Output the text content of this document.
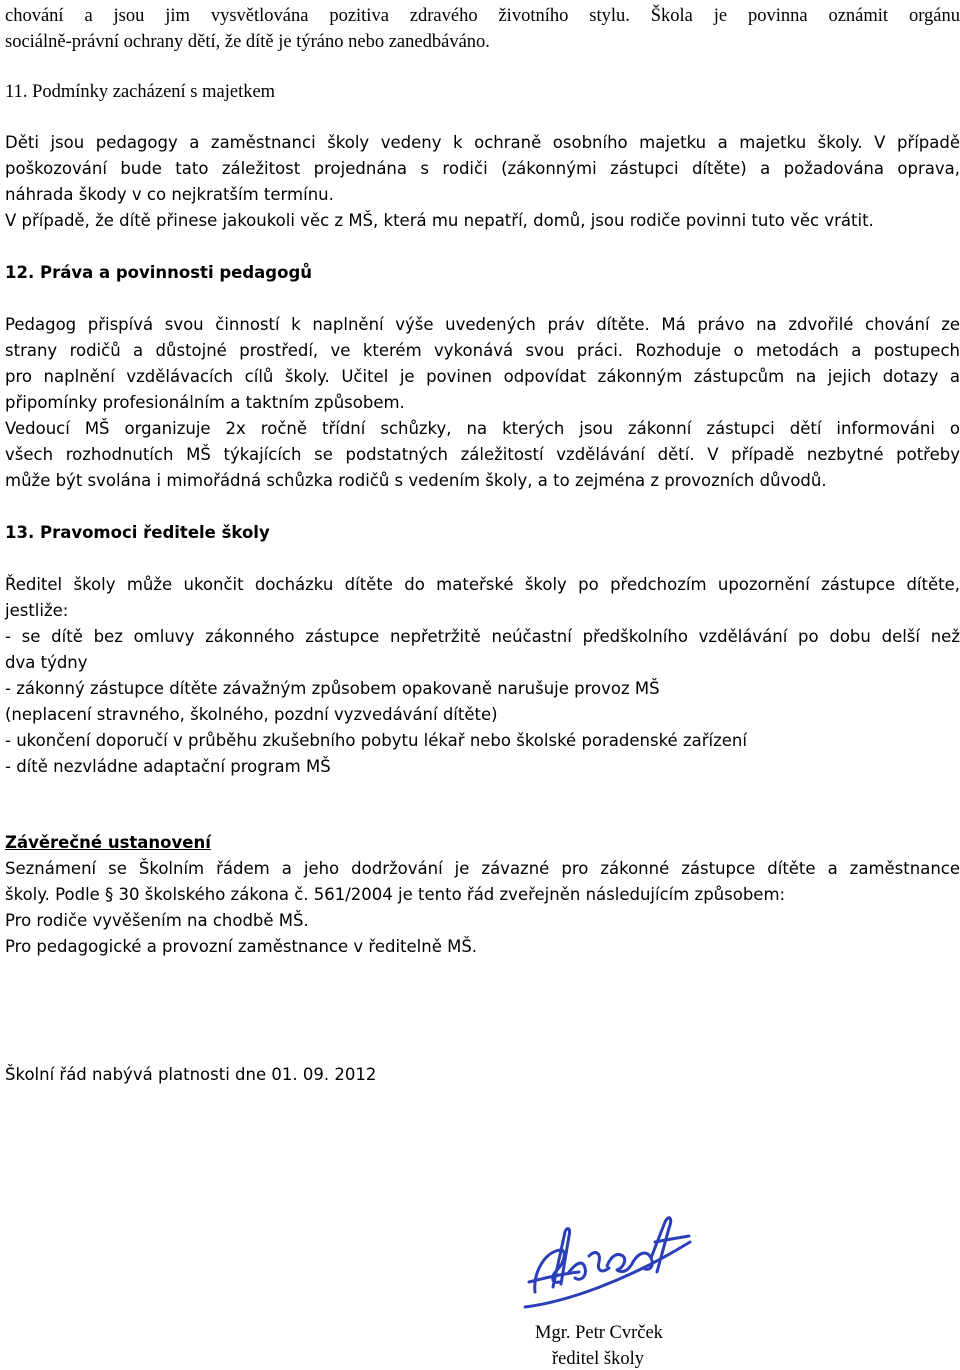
chování a jsou jim vysvětlována pozitiva zdravého životního stylu. Škola je povinna oznámit orgánu
sociálně-právní ochrany dětí, že dítě je týráno nebo zanedbáváno.
11. Podmínky zacházení s majetkem
Děti jsou pedagogy a zaměstnanci školy vedeny k ochraně osobního majetku a majetku školy. V případě
poškozování bude tato záležitost projednána s rodiči (zákonnými zástupci dítěte) a požadována oprava,
náhrada škody v co nejkratším termínu.
V případě, že dítě přinese jakoukoli věc z MŠ, která mu nepatří, domů, jsou rodiče povinni tuto věc vrátit.
12. Práva a povinnosti pedagogů
Pedagog přispívá svou činností k naplnění výše uvedených práv dítěte. Má právo na zdvořilé chování ze
strany rodičů a důstojné prostředí, ve kterém vykonává svou práci. Rozhoduje o metodách a postupech
pro naplnění vzdělávacích cílů školy. Učitel je povinen odpovídat zákonným zástupcům na jejich dotazy a
připomínky profesionálním a taktním způsobem.
Vedoucí MŠ organizuje 2x ročně třídní schůzky, na kterých jsou zákonní zástupci dětí informováni o
všech rozhodnutích MŠ týkajících se podstatných záležitostí vzdělávání dětí. V případě nezbytné potřeby
může být svolána i mimořádná schůzka rodičů s vedením školy, a to zejména z provozních důvodů.
13. Pravomoci ředitele školy
Ředitel školy může ukončit docházku dítěte do mateřské školy po předchozím upozornění zástupce dítěte,
jestliže:
- se dítě bez omluvy zákonného zástupce nepřetržitě neúčastní předškolního vzdělávání po dobu delší než
dva týdny
- zákonný zástupce dítěte závažným způsobem opakovaně narušuje provoz MŠ
(neplacení stravného, školného, pozdní vyzvedávání dítěte)
- ukončení doporučí v průběhu zkušebního pobytu lékař nebo školské poradenské zařízení
- dítě nezvládne adaptační program MŠ
Závěrečné ustanovení
Seznámení se Školním řádem a jeho dodržování je závazné pro zákonné zástupce dítěte a zaměstnance
školy. Podle § 30 školského zákona č. 561/2004 je tento řád zveřejněn následujícím způsobem:
Pro rodiče vyvěšením na chodbě MŠ.
Pro pedagogické a provozní zaměstnance v ředitelně MŠ.
Školní řád nabývá platnosti dne 01. 09. 2012
Mgr. Petr Cvrček
ředitel školy
